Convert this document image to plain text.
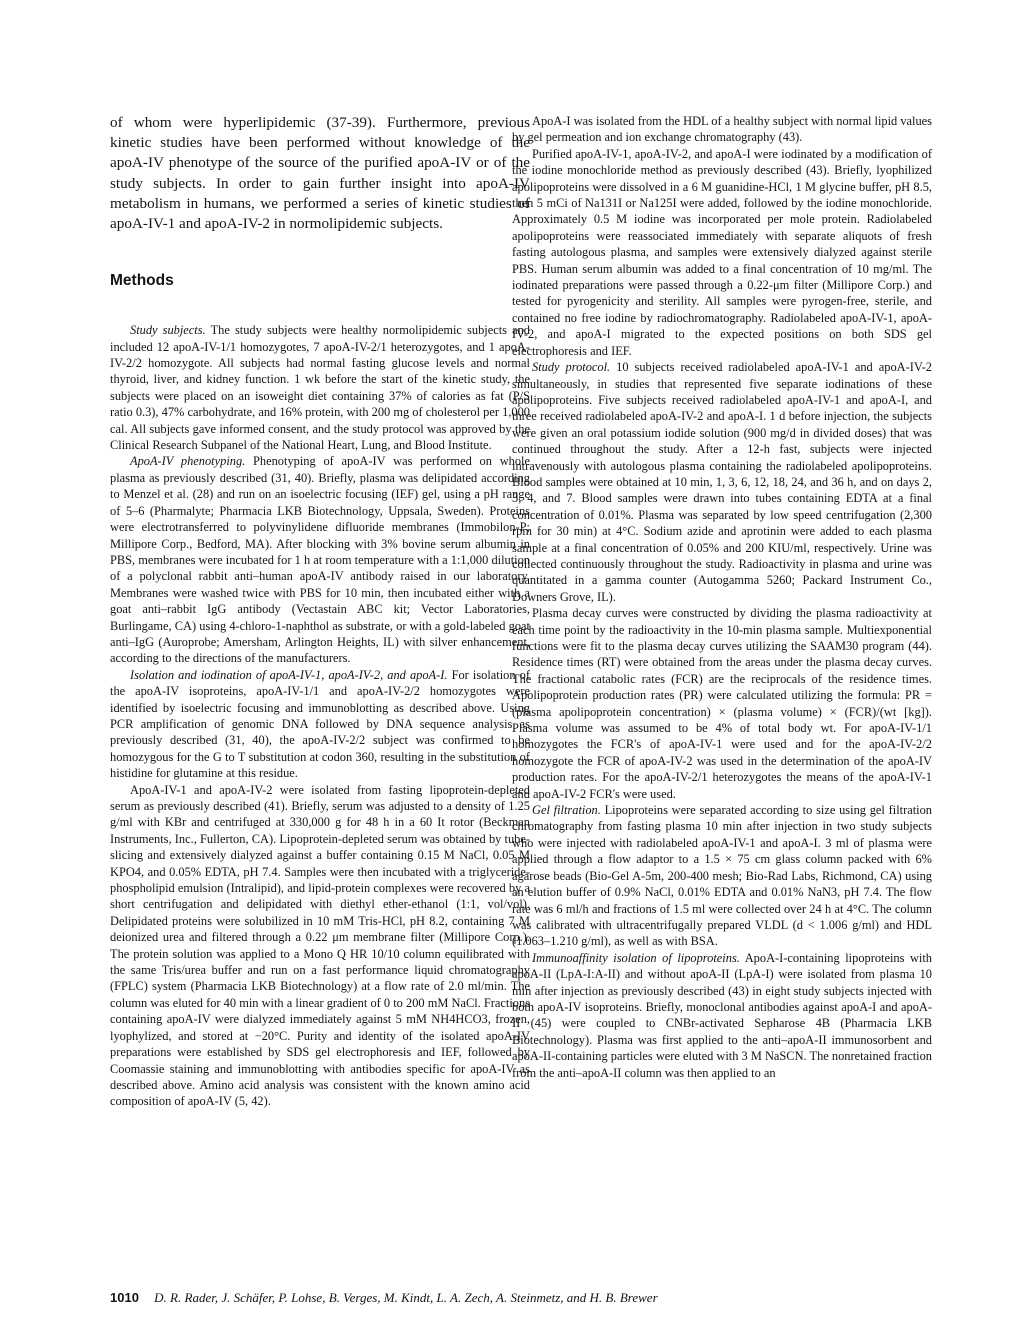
of whom were hyperlipidemic (37-39). Furthermore, previous kinetic studies have been performed without knowledge of the apoA-IV phenotype of the source of the purified apoA-IV or of the study subjects. In order to gain further insight into apoA-IV metabolism in humans, we performed a series of kinetic studies of apoA-IV-1 and apoA-IV-2 in normolipidemic subjects.

Methods

Study subjects. The study subjects were healthy normolipidemic subjects and included 12 apoA-IV-1/1 homozygotes, 7 apoA-IV-2/1 heterozygotes, and 1 apoA-IV-2/2 homozygote. All subjects had normal fasting glucose levels and normal thyroid, liver, and kidney function. 1 wk before the start of the kinetic study, the subjects were placed on an isoweight diet containing 37% of calories as fat (P/S ratio 0.3), 47% carbohydrate, and 16% protein, with 200 mg of cholesterol per 1,000 cal. All subjects gave informed consent, and the study protocol was approved by the Clinical Research Subpanel of the National Heart, Lung, and Blood Institute.

ApoA-IV phenotyping. Phenotyping of apoA-IV was performed on whole plasma as previously described (31, 40). Briefly, plasma was delipidated according to Menzel et al. (28) and run on an isoelectric focusing (IEF) gel, using a pH range of 5–6 (Pharmalyte; Pharmacia LKB Biotechnology, Uppsala, Sweden). Proteins were electrotransferred to polyvinylidene difluoride membranes (Immobilon-P; Millipore Corp., Bedford, MA). After blocking with 3% bovine serum albumin in PBS, membranes were incubated for 1 h at room temperature with a 1:1,000 dilution of a polyclonal rabbit anti–human apoA-IV antibody raised in our laboratory. Membranes were washed twice with PBS for 10 min, then incubated either with a goat anti–rabbit IgG antibody (Vectastain ABC kit; Vector Laboratories, Burlingame, CA) using 4-chloro-1-naphthol as substrate, or with a gold-labeled goat anti–IgG (Auroprobe; Amersham, Arlington Heights, IL) with silver enhancement, according to the directions of the manufacturers.

Isolation and iodination of apoA-IV-1, apoA-IV-2, and apoA-I. For isolation of the apoA-IV isoproteins, apoA-IV-1/1 and apoA-IV-2/2 homozygotes were identified by isoelectric focusing and immunoblotting as described above. Using PCR amplification of genomic DNA followed by DNA sequence analysis as previously described (31, 40), the apoA-IV-2/2 subject was confirmed to be homozygous for the G to T substitution at codon 360, resulting in the substitution of histidine for glutamine at this residue.

ApoA-IV-1 and apoA-IV-2 were isolated from fasting lipoprotein-depleted serum as previously described (41). Briefly, serum was adjusted to a density of 1.25 g/ml with KBr and centrifuged at 330,000 g for 48 h in a 60 It rotor (Beckman Instruments, Inc., Fullerton, CA). Lipoprotein-depleted serum was obtained by tube-slicing and extensively dialyzed against a buffer containing 0.15 M NaCl, 0.05 M KPO4, and 0.05% EDTA, pH 7.4. Samples were then incubated with a triglyceride-phospholipid emulsion (Intralipid), and lipid-protein complexes were recovered by a short centrifugation and delipidated with diethyl ether-ethanol (1:1, vol/vol). Delipidated proteins were solubilized in 10 mM Tris-HCl, pH 8.2, containing 7 M deionized urea and filtered through a 0.22 μm membrane filter (Millipore Corp.). The protein solution was applied to a Mono Q HR 10/10 column equilibrated with the same Tris/urea buffer and run on a fast performance liquid chromatography (FPLC) system (Pharmacia LKB Biotechnology) at a flow rate of 2.0 ml/min. The column was eluted for 40 min with a linear gradient of 0 to 200 mM NaCl. Fractions containing apoA-IV were dialyzed immediately against 5 mM NH4HCO3, frozen, lyophylized, and stored at −20°C. Purity and identity of the isolated apoA-IV preparations were established by SDS gel electrophoresis and IEF, followed by Coomassie staining and immunoblotting with antibodies specific for apoA-IV as described above. Amino acid analysis was consistent with the known amino acid composition of apoA-IV (5, 42).

ApoA-I was isolated from the HDL of a healthy subject with normal lipid values by gel permeation and ion exchange chromatography (43).

Purified apoA-IV-1, apoA-IV-2, and apoA-I were iodinated by a modification of the iodine monochloride method as previously described (43). Briefly, lyophilized apolipoproteins were dissolved in a 6 M guanidine-HCl, 1 M glycine buffer, pH 8.5, then 5 mCi of Na131I or Na125I were added, followed by the iodine monochloride. Approximately 0.5 M iodine was incorporated per mole protein. Radiolabeled apolipoproteins were reassociated immediately with separate aliquots of fresh fasting autologous plasma, and samples were extensively dialyzed against sterile PBS. Human serum albumin was added to a final concentration of 10 mg/ml. The iodinated preparations were passed through a 0.22-μm filter (Millipore Corp.) and tested for pyrogenicity and sterility. All samples were pyrogen-free, sterile, and contained no free iodine by radiochromatography. Radiolabeled apoA-IV-1, apoA-IV-2, and apoA-I migrated to the expected positions on both SDS gel electrophoresis and IEF.

Study protocol. 10 subjects received radiolabeled apoA-IV-1 and apoA-IV-2 simultaneously, in studies that represented five separate iodinations of these apolipoproteins. Five subjects received radiolabeled apoA-IV-1 and apoA-I, and three received radiolabeled apoA-IV-2 and apoA-I. 1 d before injection, the subjects were given an oral potassium iodide solution (900 mg/d in divided doses) that was continued throughout the study. After a 12-h fast, subjects were injected intravenously with autologous plasma containing the radiolabeled apolipoproteins. Blood samples were obtained at 10 min, 1, 3, 6, 12, 18, 24, and 36 h, and on days 2, 3, 4, and 7. Blood samples were drawn into tubes containing EDTA at a final concentration of 0.01%. Plasma was separated by low speed centrifugation (2,300 rpm for 30 min) at 4°C. Sodium azide and aprotinin were added to each plasma sample at a final concentration of 0.05% and 200 KIU/ml, respectively. Urine was collected continuously throughout the study. Radioactivity in plasma and urine was quantitated in a gamma counter (Autogamma 5260; Packard Instrument Co., Downers Grove, IL).

Plasma decay curves were constructed by dividing the plasma radioactivity at each time point by the radioactivity in the 10-min plasma sample. Multiexponential functions were fit to the plasma decay curves utilizing the SAAM30 program (44). Residence times (RT) were obtained from the areas under the plasma decay curves. The fractional catabolic rates (FCR) are the reciprocals of the residence times. Apolipoprotein production rates (PR) were calculated utilizing the formula: PR = (plasma apolipoprotein concentration) × (plasma volume) × (FCR)/(wt [kg]). Plasma volume was assumed to be 4% of total body wt. For apoA-IV-1/1 homozygotes the FCR's of apoA-IV-1 were used and for the apoA-IV-2/2 homozygote the FCR of apoA-IV-2 was used in the determination of the apoA-IV production rates. For the apoA-IV-2/1 heterozygotes the means of the apoA-IV-1 and apoA-IV-2 FCR's were used.

Gel filtration. Lipoproteins were separated according to size using gel filtration chromatography from fasting plasma 10 min after injection in two study subjects who were injected with radiolabeled apoA-IV-1 and apoA-I. 3 ml of plasma were applied through a flow adaptor to a 1.5 × 75 cm glass column packed with 6% agarose beads (Bio-Gel A-5m, 200-400 mesh; Bio-Rad Labs, Richmond, CA) using an elution buffer of 0.9% NaCl, 0.01% EDTA and 0.01% NaN3, pH 7.4. The flow rate was 6 ml/h and fractions of 1.5 ml were collected over 24 h at 4°C. The column was calibrated with ultracentrifugally prepared VLDL (d < 1.006 g/ml) and HDL (1.063–1.210 g/ml), as well as with BSA.

Immunoaffinity isolation of lipoproteins. ApoA-I-containing lipoproteins with apoA-II (LpA-I:A-II) and without apoA-II (LpA-I) were isolated from plasma 10 min after injection as previously described (43) in eight study subjects injected with both apoA-IV isoproteins. Briefly, monoclonal antibodies against apoA-I and apoA-II (45) were coupled to CNBr-activated Sepharose 4B (Pharmacia LKB Biotechnology). Plasma was first applied to the anti–apoA-II immunosorbent and apoA-II-containing particles were eluted with 3 M NaSCN. The nonretained fraction from the anti–apoA-II column was then applied to an

1010 D. R. Rader, J. Schäfer, P. Lohse, B. Verges, M. Kindt, L. A. Zech, A. Steinmetz, and H. B. Brewer
